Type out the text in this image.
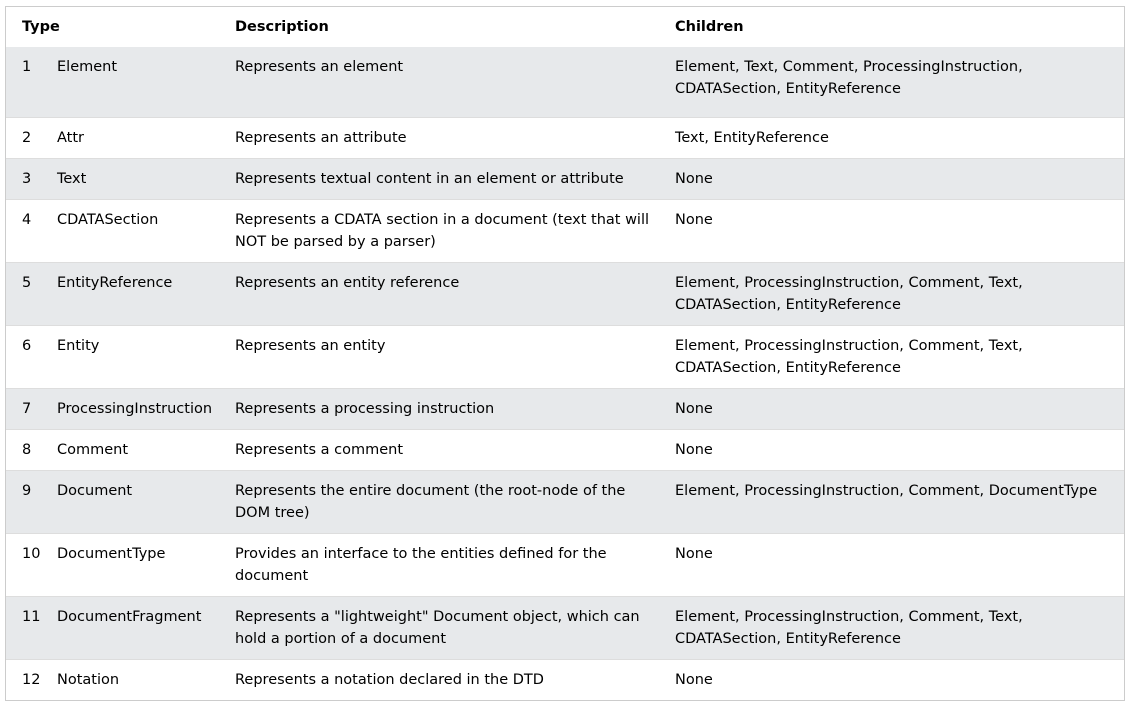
Type		Description	Children
1	Element	Represents an element	Element, Text, Comment, ProcessingInstruction, CDATASection, EntityReference
2	Attr	Represents an attribute	Text, EntityReference
3	Text	Represents textual content in an element or attribute	None
4	CDATASection	Represents a CDATA section in a document (text that will NOT be parsed by a parser)	None
5	EntityReference	Represents an entity reference	Element, ProcessingInstruction, Comment, Text, CDATASection, EntityReference
6	Entity	Represents an entity	Element, ProcessingInstruction, Comment, Text, CDATASection, EntityReference
7	ProcessingInstruction	Represents a processing instruction	None
8	Comment	Represents a comment	None
9	Document	Represents the entire document (the root-node of the DOM tree)	Element, ProcessingInstruction, Comment, DocumentType
10	DocumentType	Provides an interface to the entities defined for the document	None
11	DocumentFragment	Represents a "lightweight" Document object, which can hold a portion of a document	Element, ProcessingInstruction, Comment, Text, CDATASection, EntityReference
12	Notation	Represents a notation declared in the DTD	None
